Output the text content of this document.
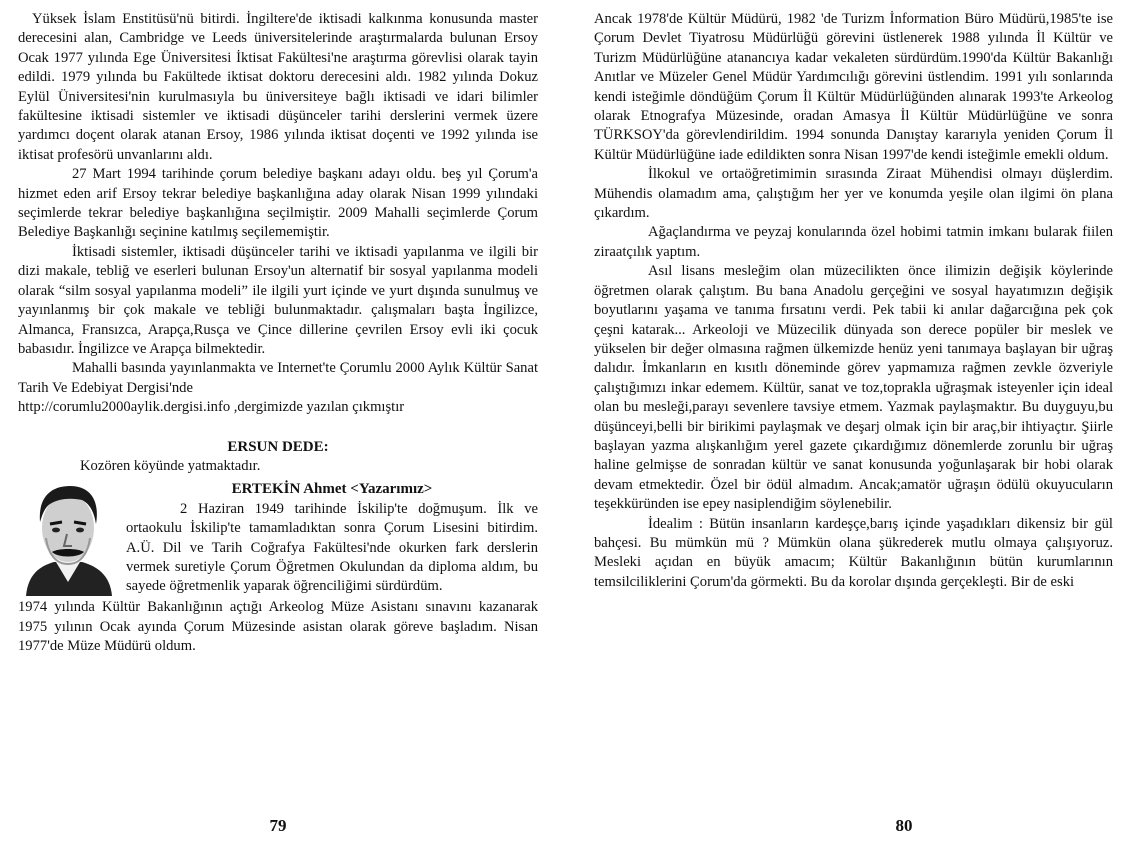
Yüksek İslam Enstitüsü'nü bitirdi. İngiltere'de iktisadi kalkınma konusunda master derecesini alan, Cambridge ve Leeds üniversitelerinde araştırmalarda bulunan Ersoy Ocak 1977 yılında Ege Üniversitesi İktisat Fakültesi'ne araştırma görevlisi olarak tayin edildi. 1979 yılında bu Fakültede iktisat doktoru derecesini aldı. 1982 yılında Dokuz Eylül Üniversitesi'nin kurulmasıyla bu üniversiteye bağlı iktisadi ve idari bilimler fakültesine iktisadi sistemler ve iktisadi düşünceler tarihi derslerini vermek üzere yardımcı doçent olarak atanan Ersoy, 1986 yılında iktisat doçenti ve 1992 yılında ise iktisat profesörü unvanlarını aldı.

27 Mart 1994 tarihinde çorum belediye başkanı adayı oldu. beş yıl Çorum'a hizmet eden arif Ersoy tekrar belediye başkanlığına aday olarak Nisan 1999 yılındaki seçimlerde tekrar belediye başkanlığına seçilmiştir. 2009 Mahalli seçimlerde Çorum Belediye Başkanlığı seçinine katılmış seçilememiştir.

İktisadi sistemler, iktisadi düşünceler tarihi ve iktisadi yapılanma ve ilgili bir dizi makale, tebliğ ve eserleri bulunan Ersoy'un alternatif bir sosyal yapılanma modeli olarak “silm sosyal yapılanma modeli” ile ilgili yurt içinde ve yurt dışında sunulmuş ve yayınlanmış bir çok makale ve tebliği bulunmaktadır. çalışmaları başta İngilizce, Almanca, Fransızca, Arapça,Rusça ve Çince dillerine çevrilen Ersoy evli iki çocuk babasıdır. İngilizce ve Arapça bilmektedir.

Mahalli basında yayınlanmakta ve Internet'te Çorumlu 2000 Aylık Kültür Sanat Tarih Ve Edebiyat Dergisi'nde

http://corumlu2000aylik.dergisi.info ,dergimizde yazılan çıkmıştır

ERSUN DEDE:

Kozören köyünde yatmaktadır.

ERTEKİN Ahmet <Yazarımız>

2 Haziran 1949 tarihinde İskilip'te doğmuşum. İlk ve ortaokulu İskilip'te tamamladıktan sonra Çorum Lisesini bitirdim. A.Ü. Dil ve Tarih Coğrafya Fakültesi'nde okurken fark derslerin vermek suretiyle Çorum Öğretmen Okulundan da diploma aldım, bu sayede öğretmenlik yaparak öğrenciliğimi sürdürdüm.

1974 yılında Kültür Bakanlığının açtığı Arkeolog Müze Asistanı sınavını kazanarak 1975 yılının Ocak ayında Çorum Müzesinde asistan olarak göreve başladım. Nisan 1977'de Müze Müdürü oldum.

79

Ancak 1978'de Kültür Müdürü, 1982 'de Turizm İnformation Büro Müdürü,1985'te ise Çorum Devlet Tiyatrosu Müdürlüğü görevini üstlenerek 1988 yılında İl Kültür ve Turizm Müdürlüğüne atanancıya kadar vekaleten sürdürdüm.1990'da Kültür Bakanlığı Anıtlar ve Müzeler Genel Müdür Yardımcılığı görevini üstlendim. 1991 yılı sonlarında kendi isteğimle döndüğüm Çorum İl Kültür Müdürlüğünden alınarak 1993'te Arkeolog olarak Etnografya Müzesinde, oradan Amasya İl Kültür Müdürlüğüne ve sonra TÜRKSOY'da görevlendirildim. 1994 sonunda Danıştay kararıyla yeniden Çorum İl Kültür Müdürlüğüne iade edildikten sonra Nisan 1997'de kendi isteğimle emekli oldum.

İlkokul ve ortaöğretimimin sırasında Ziraat Mühendisi olmayı düşlerdim. Mühendis olamadım ama, çalıştığım her yer ve konumda yeşile olan ilgimi ön plana çıkardım.

Ağaçlandırma ve peyzaj konularında özel hobimi tatmin imkanı bularak fiilen ziraatçılık yaptım.

Asıl lisans mesleğim olan müzecilikten önce ilimizin değişik köylerinde öğretmen olarak çalıştım. Bu bana Anadolu gerçeğini ve sosyal hayatımızın değişik boyutlarını yaşama ve tanıma fırsatını verdi. Pek tabii ki anılar dağarcığına pek çok çeşni katarak... Arkeoloji ve Müzecilik dünyada son derece popüler bir meslek ve yükselen bir değer olmasına rağmen ülkemizde henüz yeni tanımaya başlayan bir uğraş dalıdır. İmkanların en kısıtlı döneminde görev yapmamıza rağmen zevkle özveriyle çalıştığımızı inkar edemem. Kültür, sanat ve toz,toprakla uğraşmak isteyenler için ideal olan bu mesleği,parayı sevenlere tavsiye etmem. Yazmak paylaşmaktır. Bu duyguyu,bu düşünceyi,belli bir birikimi paylaşmak ve deşarj olmak için bir araç,bir ihtiyaçtır. Şiirle başlayan yazma alışkanlığım yerel gazete çıkardığımız dönemlerde zorunlu bir uğraş haline gelmişse de sonradan kültür ve sanat konusunda yoğunlaşarak bir hobi olarak devam etmektedir. Özel bir ödül almadım. Ancak;amatör uğraşın ödülü okuyucuların teşekküründen ise epey nasiplendiğim söylenebilir.

İdealim : Bütün insanların kardeşçe,barış içinde yaşadıkları dikensiz bir gül bahçesi. Bu mümkün mü ? Mümkün olana şükrederek mutlu olmaya çalışıyoruz. Mesleki açıdan en büyük amacım; Kültür Bakanlığının bütün kurumlarının temsilciliklerini Çorum'da görmekti. Bu da korolar dışında gerçekleşti. Bir de eski

80
